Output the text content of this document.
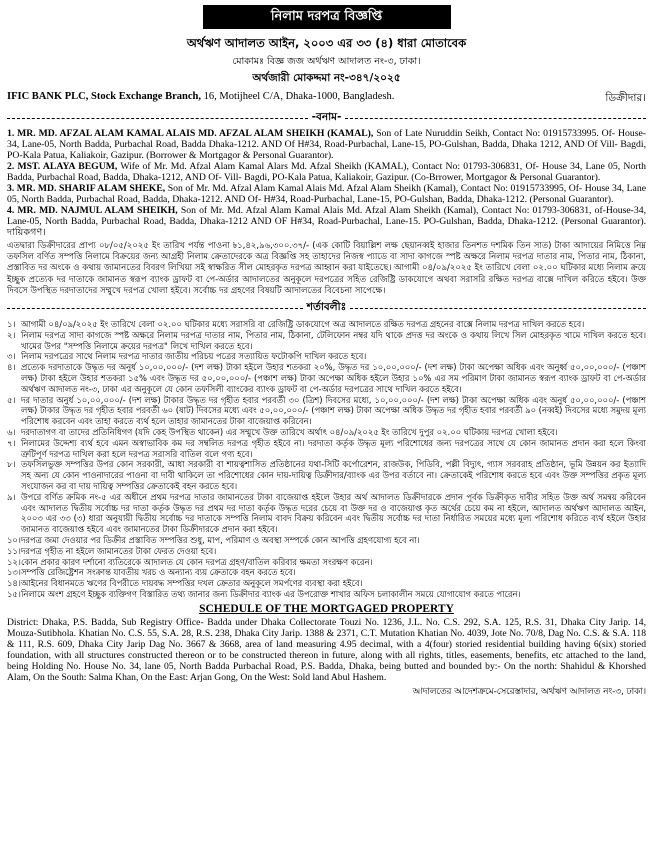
নিলাম দরপত্র বিজ্ঞপ্তি
অর্থঋণ আদালত আইন, ২০০৩ এর ৩৩ (৪) ধারা মোতাবেক
মোকামঃ বিজ্ঞ জজ অর্থঋণ আদালত নং-৩, ঢাকা।
অর্থজারী মোকদ্দমা নং-৩৪৭/২০২৫
IFIC BANK PLC, Stock Exchange Branch, 16, Motijheel C/A, Dhaka-1000, Bangladesh.	ডিক্রীদার।
-বনাম-

1. MR. MD. AFZAL ALAM KAMAL ALAIS MD. AFZAL ALAM SHEIKH (KAMAL), Son of Late Nuruddin Seikh, Contact No: 01915733995. Of- House-34, Lane-05, North Badda, Purbachal Road, Badda Dhaka-1212. AND Of H#34, Road-Purbachal, Lane-15, PO-Gulshan, Badda, Dhaka 1212, AND Of Vill- Bagdi, PO-Kala Patua, Kaliakoir, Gazipur. (Borrower & Mortgagor & Personal Guarantor).

2. MST. ALAYA BEGUM, Wife of Mr. Md. Afzal Alam Kamal Alars Md. Afzal Sheikh (KAMAL), Contact No: 01793-306831, Of- House 34, Lane 05, North Badda, Purbachal Road, Badda, Dhaka-1212, AND Of- Vill- Bagdi, PO-Kala Patua, Kaliakoir, Gazipur. (Co-Brrower, Mortgagor & Personal Guarantor).

3. MR. MD. SHARIF ALAM SHEKE, Son of Mr. Md. Afzal Alam Kamal Alais Md. Afzal Alam Sheikh (Kamal), Contact No: 01915733995, Of- House 34, Lane 05, North Badda, Purbachal Road, Badda, Dhaka-1212. AND Of- H#34, Road-Purbachal, Lane-15, PO-Gulshan, Badda, Dhaka-1212. (Personal Guarantor).

4. MR. MD. NAJMUL ALAM SHEIKH, Son of Mr. Md. Afzal Alam Kamal Alais Md. Afzal Alam Sheikh (Kamal), Contact No: 01793-306831, of-House-34, Lane-05, North Badda, Purbachal Road, Badda, Dhaka-1212 AND OF H#34, Road-Purbachal, Lane-15. PO-Gulshan, Badda, Dhaka-1212. (Personal Guarantor). দায়িকগণ।

এতদ্বারা ডিক্রীদারের প্রাপ্য ০৮/০৫/২০২৫ ইং তারিখ পর্যন্ত পাওনা ৳১,৪২,৯৬,৩০০.৩৭/- (এক কোটি বিয়াল্লিশ লক্ষ ছেয়ানব্বই হাজার তিনশত দশমিক তিন সাত) টাকা আদায়ের নিমিত্তে নিম্ন তফসিল বর্ণিত সম্পত্তি নিলামে বিক্রয়ের জন্য আগ্রহী নিলাম ক্রেতাদেরকে অত্র বিজ্ঞপ্তি সহ তাহাদের নিজস্ব প্যাডে বা সাদা কাগজে স্পষ্ট অক্ষরে নিলাম দরপত্র দাতার নাম, পিতার নাম, ঠিকানা, প্রস্তাবিত দর অংকে ও কথায় জামানতের বিবরণ লিখিয়া সই স্বাক্ষরিত সীল মোহরকৃত দরপত্র আহ্বান করা যাইতেছে। আগামী ০৪/০৯/২০২৫ ইং তারিখে বেলা ০২.০০ ঘটিকার মধ্যে নিলাম ক্রয়ে ইচ্ছুক প্রত্যেক দর দাতাকে জামানত স্বরূপ ব্যাংক ড্রাফট বা পে-অর্ডার আদালতের অনুকূলে দরপত্রের সহিত রেজিষ্ট্রি ডাকযোগে অথবা সরাসরি রক্ষিত দরপত্র বাক্সে দাখিল করিতে হইবে। উক্ত দিবসে উপস্থিত দরদাতাদের সম্মুখে দরপত্র খোলা হইবে। সর্বোচ্চ দর গ্রহণের বিষয়টি আদালতের বিবেচনা সাপেক্ষে।
শর্তাবলীঃ
১। আগামী ০৪/০৯/২০২৫ ইং তারিখে বেলা ০২.০০ ঘটিকার মধ্যে সরাসরি বা রেজিষ্ট্রি ডাকযোগে অত্র আদালতে রক্ষিত দরপত্র গ্রহনের বাক্সে নিলাম দরপত্র দাখিল করতে হবে।
২। নিলাম দরপত্র সাদা কাগজে স্পষ্ট অক্ষরে নিলাম দরপত্র দাতার নাম, পিতার নাম, ঠিকানা, টেলিফোন নম্বর যদি থাকে প্রদত্ত দর অংকে ও কথায় লিখে সিল মোহরকৃত খামে দাখিল করতে হবে। খামের উপর "সম্পত্তি নিলামে ক্রয়ের দরপত্র" লিখে দাখিল করতে হবে।
৩। নিলাম দরপত্রের সাথে নিলাম দরপত্র দাতার জাতীয় পরিচয় পত্রের সত্যায়িত ফটোকপি দাখিল করতে হবে।
৪। প্রত্যেক দরদাতাকে উদ্ধৃত দর অনুর্ধ ১০,০০,০০০/- (দশ লক্ষ) টাকা হইলে উহার শতকরা ২০%, উদ্ধৃত দর ১০,০০,০০০/- (দশ লক্ষ) টাকা অপেক্ষা অধিক এবং অনুর্ধ্ব ৫০,০০,০০০/- (পঞ্চাশ লক্ষ) টাকা হইলে উহার শতকরা ১৫% এবং উদ্ধৃত দর ৫০,০০,০০০/- (পঞ্চাশ লক্ষ) টাকা অপেক্ষা অধিক হইলে উহার ১০% এর সম পরিমাণ টাকা জামানত স্বরূপ ব্যাংক ড্রাফট বা পে-অর্ডার অর্থঋণ আদালত নং-৩, ঢাকা এর অনুকূলে যে কোন তফসিলী ব্যাংকের ব্যাংক ড্রাফট বা পে-অর্ডার দরপত্রের সাথে দাখিল করতে হইবে।
৫। দর দাতার অনুর্ধ ১০,০০,০০০/- (দশ লক্ষ) টাকার উদ্ধৃত দর গৃহীত হবার পরবর্তী ৩০ (ত্রিশ) দিবসের মধ্যে, ১০,০০,০০০/- (দশ লক্ষ) টাকা অপেক্ষা অধিক এবং অনুর্ধ ৫০,০০,০০০/- (পঞ্চাশ লক্ষ) টাকার উদ্ধৃত দর গৃহীত হবার পরবর্তী ৬০ (ষাট) দিবসের মধ্যে এবং ৫০,০০,০০০/- (পঞ্চাশ লক্ষ) টাকা অপেক্ষা অধিক উদ্ধৃত দর গৃহীত হবার পরবর্তী ৯০ (নব্বই) দিবসের মধ্যে সমুদয় মূল্য পরিশোধ করবেন এবং তাহা করতে ব্যর্থ হলে তাহার জামানতের টাকা বাজেয়াপ্ত করিবেন।
৬। দরদাতাগণ বা তাদের প্রতিনিধিগণ (যদি কেহ উপস্থিত থাকেন) এর সম্মুখে উক্ত তারিখে অর্থাৎ ০৪/০৯/২০২৫ ইং তারিখে দুপুর ০২.০০ ঘটিকায় দরপত্র খোলা হইবে।
৭। নিলামের উদ্দেশ্য ব্যর্থ হবে এমন অস্বাভাবিক কম দর সম্বলিত দরপত্র গৃহীত হইবে না। দরদাতা কর্তৃক উদ্ধৃত মূল্য পরিশোধের জন্য দরপত্রের সাথে যে কোন জামানত প্রদান করা হলে কিংবা ত্রুটিপূর্ণ দরপত্র দাখিল করা হলে দরপত্র সরাসরি বাতিল বলে গণ্য হবে।
৮। তফসিলভুক্ত সম্পত্তির উপর কোন সরকারী, আধা সরকারী বা শায়ত্বশাসিত প্রতিষ্ঠানের যথা-সিটি কর্পোরেশন, রাজউক, পিডিবি, পল্লী বিদ্যুৎ, গ্যাস সরবরাহ প্রতিষ্ঠান, ভূমি উন্নয়ন কর ইত্যাদি সহ অন্য যে কোন পাওনাদারের পাওনা বা দাবী থাকিলে তা পরিশোধের কোন দায়-দায়িত্ব ডিক্রীদার/ব্যাংক এর উপর বর্তাবে না। ক্রেতাকেই পরিশোধ করতে হবে এবং উক্ত সম্পত্তির প্রকৃত মূল্য সংযোজন কর বা দায় দায়িত্ব সম্পত্তির ক্রেতাকেই বহন করতে হবে।
৯। উপরে বর্ণিত ক্রমিক নং-৫ এর অধীনে প্রথম দরপত্র দাতার জামানতের টাকা বাজেয়াপ্ত হইলে উহার অর্থ আদালত ডিক্রীদারকে প্রদান পূর্বক ডিক্রীকৃত দাবীর সহিত উক্ত অর্থ সমন্বয় করিবেন এবং আদালত দ্বিতীয় সর্বোচ্চ দর দাতা কর্তৃক উদ্ধৃত দর প্রথম দর দাতা কর্তৃক উদ্ধৃত দরের চেয়ে বা উক্ত দর ও বাজেয়াপ্ত কৃত অর্থের চেয়ে কম না হইলে, আদালত অর্থঋণ আদালত আইন, ২০০৩ এর ৩৩ (৩) ধারা অনুযায়ী দ্বিতীয় সর্বোচ্চ দর দাতাকে সম্পত্তি নিলাম বাবদ বিক্রয় করিবেন এবং দ্বিতীয় সর্বোচ্চ দর দাতা নির্ধারিত সময়ের মধ্যে মূল্য পরিশোধ করিতে ব্যর্থ হইলে উহার জামানত বাজেয়াপ্ত হইবে এবং জামানতের টাকা ডিক্রীদারকে প্রদান করা হইবে।
১০। দরপত্র জমা দেওয়ার পর ডিক্রীর প্রস্তাবিত সম্পত্তির শুধু, মাপ, পরিমাণ ও অবস্থা সম্পর্কে কোন আপত্তি গ্রহণযোগ্য হবে না।
১১। দরপত্র গৃহীত না হইলে জামানতের টাকা ফেরত দেওয়া হবে।
১২। কোন প্রকার কারণ দর্শানো ব্যতিরেকে আদালত যে কোন দরপত্র গ্রহণ/বাতিল করিবার ক্ষমতা সংরক্ষণ করেন।
১৩। সম্পত্তি রেজিষ্ট্রেশন সংক্রান্ত যাবতীয় খরচ ও অন্যান্য ব্যয় ক্রেতাকে বহন করতে হবে।
১৪। আইনের বিধানমতে ঋণের বিপরীতে দায়বদ্ধ সম্পত্তির দখল ক্রেতার অনুকূলে সমর্পণের ব্যবস্থা করা হইবে।
১৫। নিলামে অংশ গ্রহণে ইচ্ছুক ব্যক্তিগণ বিস্তারিত তথ্য জানার জন্য ডিক্রীদার ব্যাংক এর উপরোক্ত শাখার অফিস চলাকালীন সময়ে যোগাযোগ করতে পারেন।
SCHEDULE OF THE MORTGAGED PROPERTY
District: Dhaka, P.S. Badda, Sub Registry Office- Badda under Dhaka Collectorate Touzi No. 1236, J.L. No. C.S. 292, S.A. 125, R.S. 31, Dhaka City Jarip. 14, Mouza-Sutibhola. Khatian No. C.S. 55, S.A. 28, R.S. 238, Dhaka City Jarip. 1388 & 2371, C.T. Mutation Khatian No. 4039, Jote No. 70/8, Dag No. C.S. & S.A. 118 & 111, R.S. 609, Dhaka City Jarip Dag No. 3667 & 3668, area of land measuring 4.95 decimal, with a 4(four) storied residential building having 6(six) storied foundation, with all structures constructed thereon or to be constructed thereon in future, along with all rights, titles, easements, benefits, etc attached to the land, being Holding No. House No. 34, lane 05, North Badda Purbachal Road, P.S. Badda, Dhaka, being butted and bounded by:- On the north: Shahidul & Khorshed Alam, On the South: Salma Khan, On the East: Arjan Gong, On the West: Sold land Abul Hashem.
আদালতের আদেশক্রমে-সেরেস্তাদার, অর্থঋণ আদালত নং-৩, ঢাকা।
